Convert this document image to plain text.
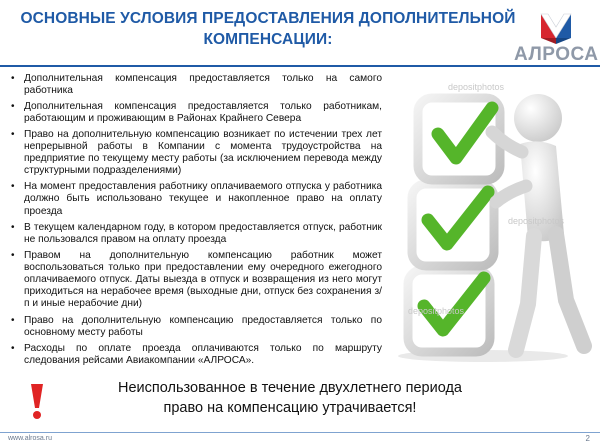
ОСНОВНЫЕ УСЛОВИЯ ПРЕДОСТАВЛЕНИЯ ДОПОЛНИТЕЛЬНОЙ
КОМПЕНСАЦИИ:
АЛРОСА
• Дополнительная компенсация предоставляется только на самого работника
• Дополнительная компенсация предоставляется только работникам, работающим и проживающим в Районах Крайнего Севера
• Право на дополнительную компенсацию возникает по истечении трех лет непрерывной работы в Компании с момента трудоустройства на предприятие по текущему месту работы (за исключением перевода между структурными подразделениями)
• На момент предоставления работнику оплачиваемого отпуска у работника должно быть использовано текущее и накопленное право на оплату проезда
• В текущем календарном году, в котором предоставляется отпуск, работник не пользовался правом на оплату проезда
• Правом на дополнительную компенсацию работник может воспользоваться только при предоставлении ему очередного ежегодного оплачиваемого отпуск. Даты выезда в отпуск и возвращения из него могут приходиться на нерабочее время (выходные дни, отпуск без сохранения з/п и иные нерабочие дни)
• Право на дополнительную компенсацию предоставляется только по основному месту работы
• Расходы по оплате проезда оплачиваются только по маршруту следования рейсами Авиакомпании «АЛРОСА».
depositphotos
depositphotos
depositphotos
Неиспользованное в течение двухлетнего периода
право на компенсацию утрачивается!
www.alrosa.ru	2
